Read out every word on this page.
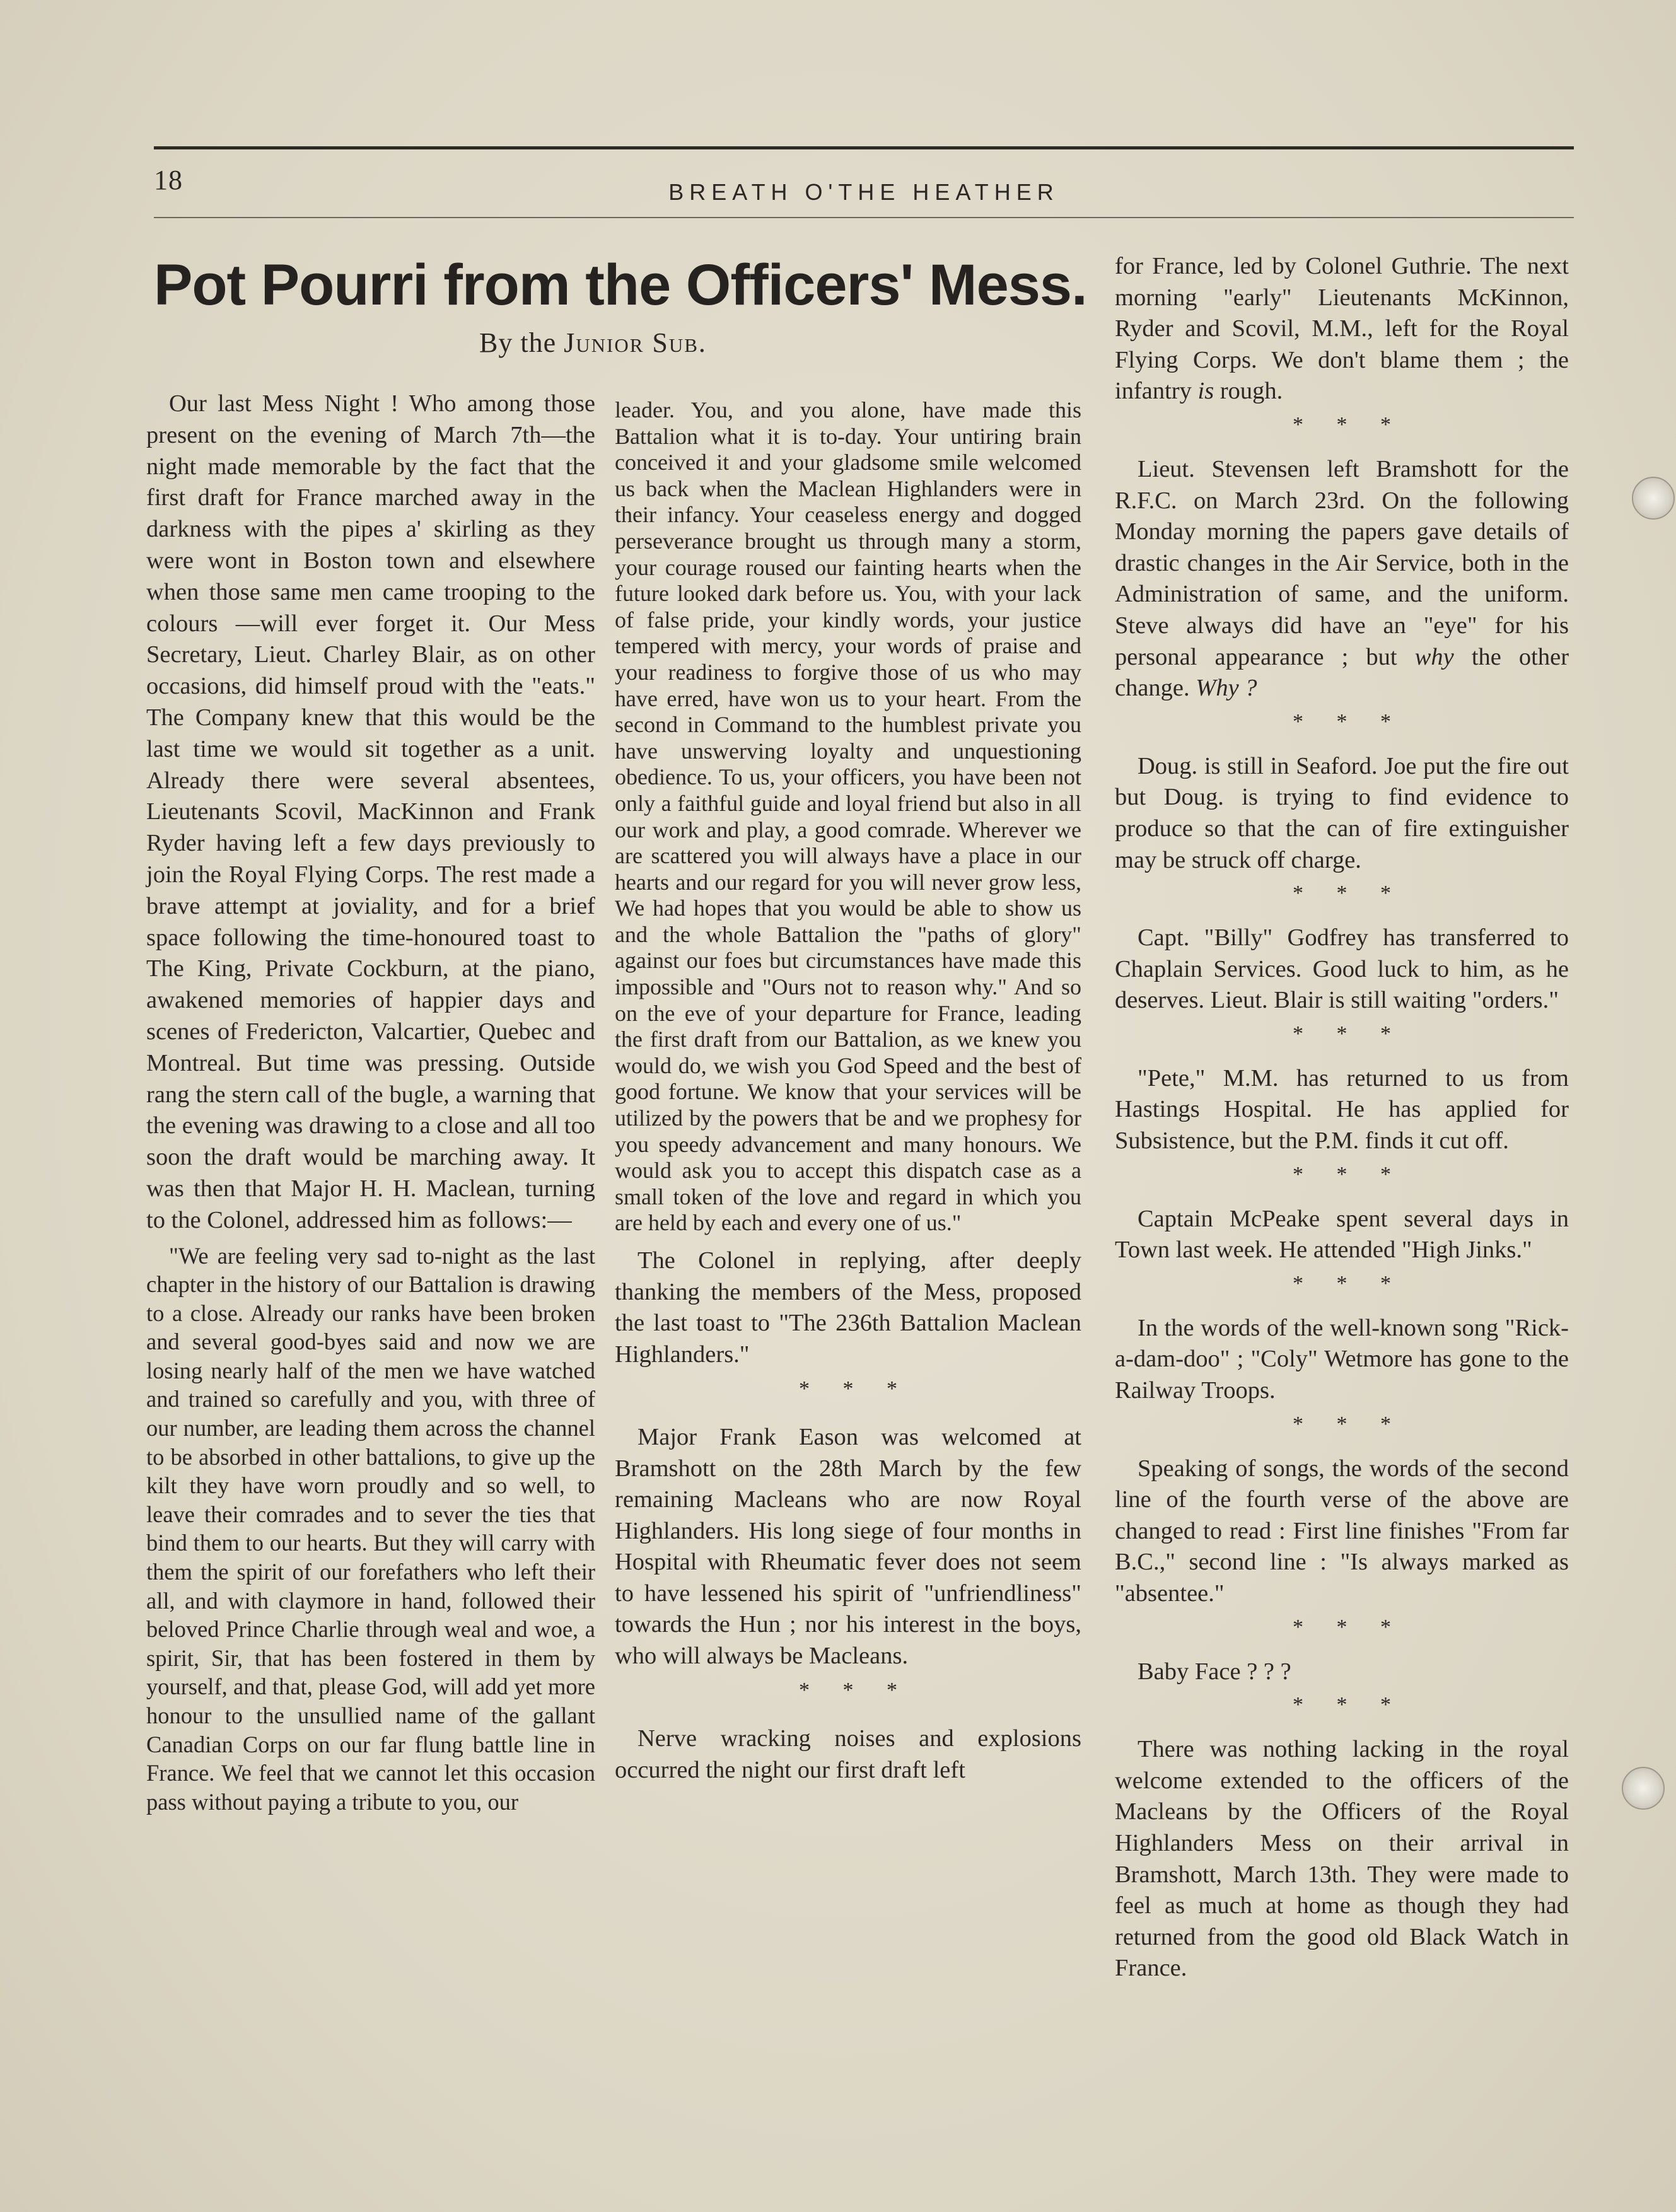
18	BREATH O'THE HEATHER
Pot Pourri from the Officers' Mess.
By the Junior Sub.

Our last Mess Night ! Who among those present on the evening of March 7th—the night made memorable by the fact that the first draft for France marched away in the darkness with the pipes a' skirling as they were wont in Boston town and elsewhere when those same men came trooping to the colours —will ever forget it. Our Mess Secretary, Lieut. Charley Blair, as on other occasions, did himself proud with the "eats." The Company knew that this would be the last time we would sit together as a unit. Already there were several absentees, Lieutenants Scovil, MacKinnon and Frank Ryder having left a few days previously to join the Royal Flying Corps. The rest made a brave attempt at joviality, and for a brief space following the time-honoured toast to The King, Private Cockburn, at the piano, awakened memories of happier days and scenes of Fredericton, Valcartier, Quebec and Montreal. But time was pressing. Outside rang the stern call of the bugle, a warning that the evening was drawing to a close and all too soon the draft would be marching away. It was then that Major H. H. Maclean, turning to the Colonel, addressed him as follows:—

"We are feeling very sad to-night as the last chapter in the history of our Battalion is drawing to a close. Already our ranks have been broken and several good-byes said and now we are losing nearly half of the men we have watched and trained so carefully and you, with three of our number, are leading them across the channel to be absorbed in other battalions, to give up the kilt they have worn proudly and so well, to leave their comrades and to sever the ties that bind them to our hearts. But they will carry with them the spirit of our forefathers who left their all, and with claymore in hand, followed their beloved Prince Charlie through weal and woe, a spirit, Sir, that has been fostered in them by yourself, and that, please God, will add yet more honour to the unsullied name of the gallant Canadian Corps on our far flung battle line in France. We feel that we cannot let this occasion pass without paying a tribute to you, our

leader. You, and you alone, have made this Battalion what it is to-day. Your untiring brain conceived it and your gladsome smile welcomed us back when the Maclean Highlanders were in their infancy. Your ceaseless energy and dogged perseverance brought us through many a storm, your courage roused our fainting hearts when the future looked dark before us. You, with your lack of false pride, your kindly words, your justice tempered with mercy, your words of praise and your readiness to forgive those of us who may have erred, have won us to your heart. From the second in Command to the humblest private you have unswerving loyalty and unquestioning obedience. To us, your officers, you have been not only a faithful guide and loyal friend but also in all our work and play, a good comrade. Wherever we are scattered you will always have a place in our hearts and our regard for you will never grow less, We had hopes that you would be able to show us and the whole Battalion the "paths of glory" against our foes but circumstances have made this impossible and "Ours not to reason why." And so on the eve of your departure for France, leading the first draft from our Battalion, as we knew you would do, we wish you God Speed and the best of good fortune. We know that your services will be utilized by the powers that be and we prophesy for you speedy advancement and many honours. We would ask you to accept this dispatch case as a small token of the love and regard in which you are held by each and every one of us."

The Colonel in replying, after deeply thanking the members of the Mess, proposed the last toast to "The 236th Battalion Maclean Highlanders."

* * *

Major Frank Eason was welcomed at Bramshott on the 28th March by the few remaining Macleans who are now Royal Highlanders. His long siege of four months in Hospital with Rheumatic fever does not seem to have lessened his spirit of "unfriendliness" towards the Hun ; nor his interest in the boys, who will always be Macleans.

* * *

Nerve wracking noises and explosions occurred the night our first draft left

for France, led by Colonel Guthrie. The next morning "early" Lieutenants McKinnon, Ryder and Scovil, M.M., left for the Royal Flying Corps. We don't blame them ; the infantry is rough.

* * *

Lieut. Stevensen left Bramshott for the R.F.C. on March 23rd. On the following Monday morning the papers gave details of drastic changes in the Air Service, both in the Administration of same, and the uniform. Steve always did have an "eye" for his personal appearance ; but why the other change. Why ?

* * *

Doug. is still in Seaford. Joe put the fire out but Doug. is trying to find evidence to produce so that the can of fire extinguisher may be struck off charge.

* * *

Capt. "Billy" Godfrey has transferred to Chaplain Services. Good luck to him, as he deserves. Lieut. Blair is still waiting "orders."

* * *

"Pete," M.M. has returned to us from Hastings Hospital. He has applied for Subsistence, but the P.M. finds it cut off.

* * *

Captain McPeake spent several days in Town last week. He attended "High Jinks."

* * *

In the words of the well-known song "Rick-a-dam-doo" ; "Coly" Wetmore has gone to the Railway Troops.

* * *

Speaking of songs, the words of the second line of the fourth verse of the above are changed to read : First line finishes "From far B.C.," second line : "Is always marked as "absentee."

* * *

Baby Face ? ? ?

* * *

There was nothing lacking in the royal welcome extended to the officers of the Macleans by the Officers of the Royal Highlanders Mess on their arrival in Bramshott, March 13th. They were made to feel as much at home as though they had returned from the good old Black Watch in France.
